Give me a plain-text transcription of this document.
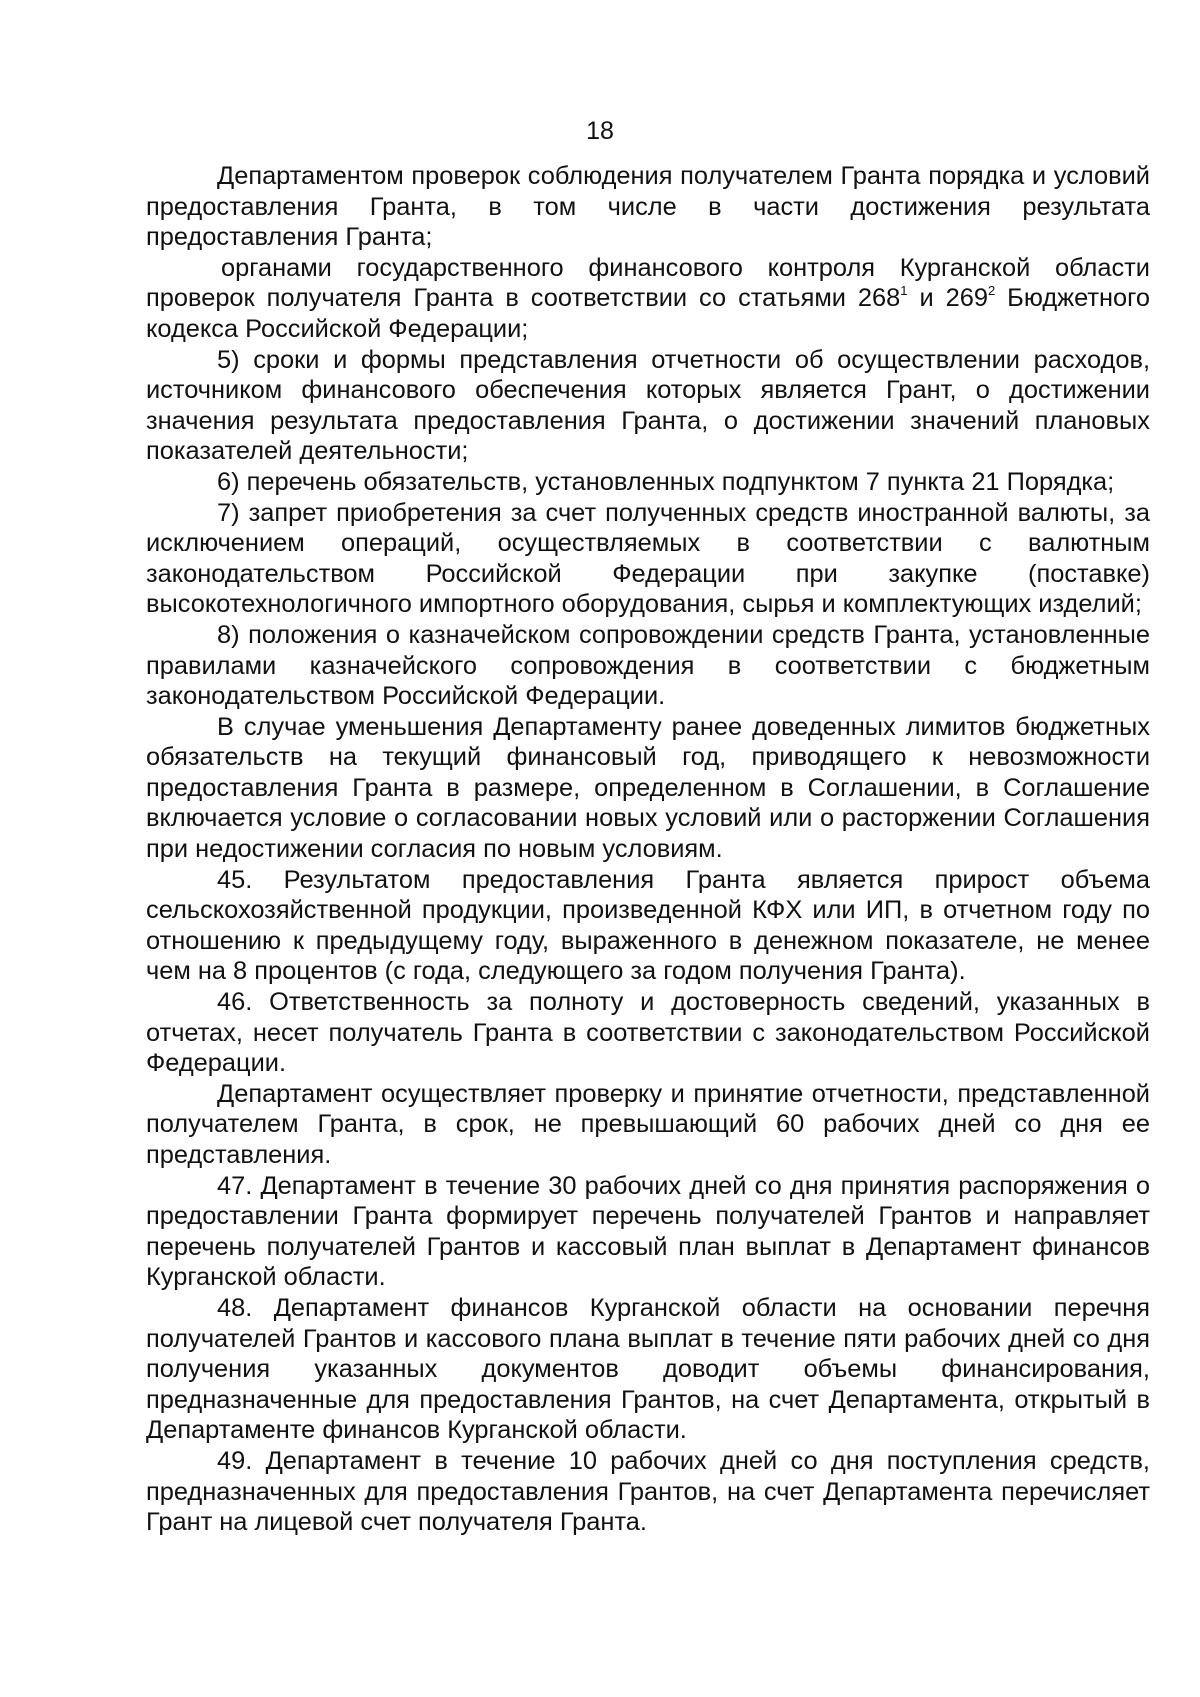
18

Департаментом проверок соблюдения получателем Гранта порядка и условий предоставления Гранта, в том числе в части достижения результата предоставления Гранта;

органами государственного финансового контроля Курганской области проверок получателя Гранта в соответствии со статьями $268^1$ и $269^2$ Бюджетного кодекса Российской Федерации;

5) сроки и формы представления отчетности об осуществлении расходов, источником финансового обеспечения которых является Грант, о достижении значения результата предоставления Гранта, о достижении значений плановых показателей деятельности;

6) перечень обязательств, установленных подпунктом 7 пункта 21 Порядка;

7) запрет приобретения за счет полученных средств иностранной валюты, за исключением операций, осуществляемых в соответствии с валютным законодательством Российской Федерации при закупке (поставке) высокотехнологичного импортного оборудования, сырья и комплектующих изделий;

8) положения о казначейском сопровождении средств Гранта, установленные правилами казначейского сопровождения в соответствии с бюджетным законодательством Российской Федерации.

В случае уменьшения Департаменту ранее доведенных лимитов бюджетных обязательств на текущий финансовый год, приводящего к невозможности предоставления Гранта в размере, определенном в Соглашении, в Соглашение включается условие о согласовании новых условий или о расторжении Соглашения при недостижении согласия по новым условиям.

45. Результатом предоставления Гранта является прирост объема сельскохозяйственной продукции, произведенной КФХ или ИП, в отчетном году по отношению к предыдущему году, выраженного в денежном показателе, не менее чем на 8 процентов (с года, следующего за годом получения Гранта).

46. Ответственность за полноту и достоверность сведений, указанных в отчетах, несет получатель Гранта в соответствии с законодательством Российской Федерации.

Департамент осуществляет проверку и принятие отчетности, представленной получателем Гранта, в срок, не превышающий 60 рабочих дней со дня ее представления.

47. Департамент в течение 30 рабочих дней со дня принятия распоряжения о предоставлении Гранта формирует перечень получателей Грантов и направляет перечень получателей Грантов и кассовый план выплат в Департамент финансов Курганской области.

48. Департамент финансов Курганской области на основании перечня получателей Грантов и кассового плана выплат в течение пяти рабочих дней со дня получения указанных документов доводит объемы финансирования, предназначенные для предоставления Грантов, на счет Департамента, открытый в Департаменте финансов Курганской области.

49. Департамент в течение 10 рабочих дней со дня поступления средств, предназначенных для предоставления Грантов, на счет Департамента перечисляет Грант на лицевой счет получателя Гранта.
